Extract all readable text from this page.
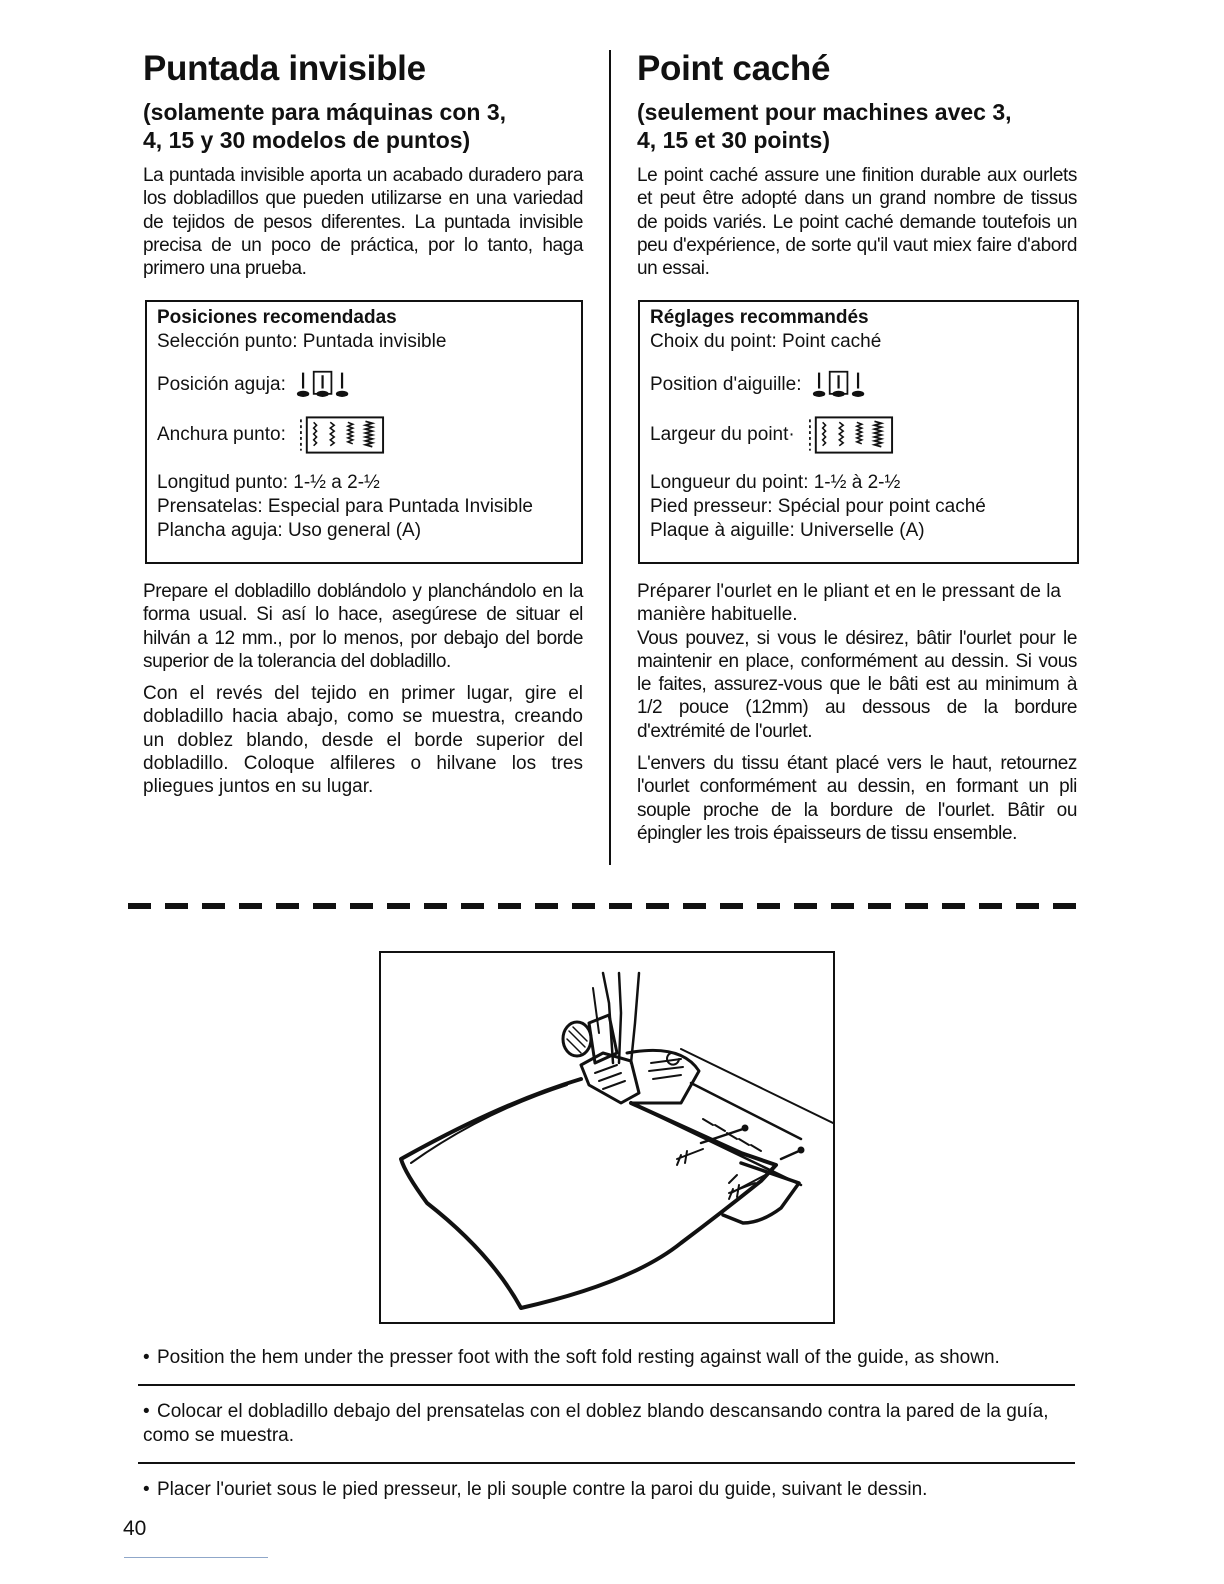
Puntada invisible
(solamente para máquinas con 3,
4, 15 y 30 modelos de puntos)

La puntada invisible aporta un acabado duradero para los dobladillos que pueden utilizarse en una variedad de tejidos de pesos diferentes. La puntada invisible precisa de un poco de práctica, por lo tanto, haga primero una prueba.

Posiciones recomendadas
Selección punto: Puntada invisible
Posición aguja:
Anchura punto:
Longitud punto: 1-½ a 2-½
Prensatelas: Especial para Puntada Invisible
Plancha aguja: Uso general (A)

Prepare el dobladillo doblándolo y planchándolo en la forma usual. Si así lo hace, asegúrese de situar el hilván a 12 mm., por lo menos, por debajo del borde superior de la tolerancia del dobladillo.

Con el revés del tejido en primer lugar, gire el dobladillo hacia abajo, como se muestra, creando un doblez blando, desde el borde superior del dobladillo. Coloque alfileres o hilvane los tres pliegues juntos en su lugar.

Point caché
(seulement pour machines avec 3,
4, 15 et 30 points)

Le point caché assure une finition durable aux ourlets et peut être adopté dans un grand nombre de tissus de poids variés. Le point caché demande toutefois un peu d'expérience, de sorte qu'il vaut miex faire d'abord un essai.

Réglages recommandés
Choix du point: Point caché
Position d'aiguille:
Largeur du point·
Longueur du point: 1-½ à 2-½
Pied presseur: Spécial pour point caché
Plaque à aiguille: Universelle (A)

Préparer l'ourlet en le pliant et en le pressant de la manière habituelle.

Vous pouvez, si vous le désirez, bâtir l'ourlet pour le maintenir en place, conformément au dessin. Si vous le faites, assurez-vous que le bâti est au minimum à 1/2 pouce (12mm) au dessous de la bordure d'extrémité de l'ourlet.

L'envers du tissu étant placé vers le haut, retournez l'ourlet conformément au dessin, en formant un pli souple proche de la bordure de l'ourlet. Bâtir ou épingler les trois épaisseurs de tissu ensemble.

• Position the hem under the presser foot with the soft fold resting against wall of the guide, as shown.
• Colocar el dobladillo debajo del prensatelas con el doblez blando descansando contra la pared de la guía, como se muestra.
• Placer l'ouriet sous le pied presseur, le pli souple contre la paroi du guide, suivant le dessin.
40
